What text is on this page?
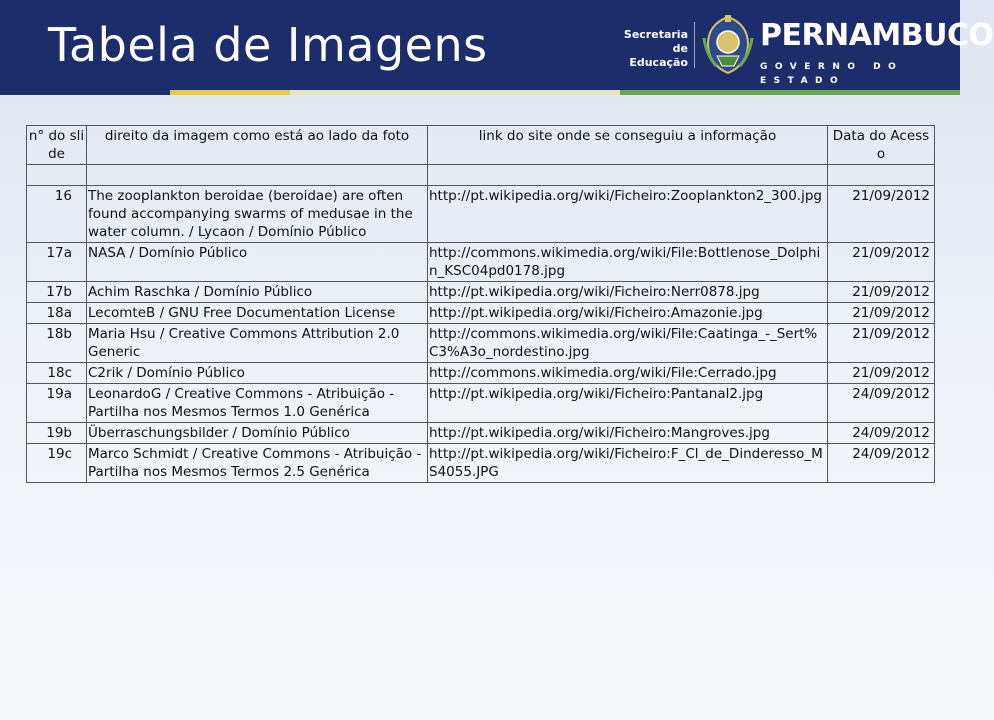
Tabela de Imagens	Secretaria de
Educação
PERNAMBUCO
GOVERNO DO ESTADO
n° do slide	direito da imagem como está ao lado da foto	link do site onde se conseguiu a informação	Data do Acesso

16	The zooplankton beroidae (beroidae) are often found accompanying swarms of medusae in the water column. / Lycaon / Domínio Público	http://pt.wikipedia.org/wiki/Ficheiro:Zooplankton2_300.jpg	21/09/2012
17a	NASA / Domínio Público	http://commons.wikimedia.org/wiki/File:Bottlenose_Dolphin_KSC04pd0178.jpg	21/09/2012
17b	Achim Raschka / Domínio Público	http://pt.wikipedia.org/wiki/Ficheiro:Nerr0878.jpg	21/09/2012
18a	LecomteB / GNU Free Documentation License	http://pt.wikipedia.org/wiki/Ficheiro:Amazonie.jpg	21/09/2012
18b	Maria Hsu / Creative Commons Attribution 2.0 Generic	http://commons.wikimedia.org/wiki/File:Caatinga_-_Sert%C3%A3o_nordestino.jpg	21/09/2012
18c	C2rik / Domínio Público	http://commons.wikimedia.org/wiki/File:Cerrado.jpg	21/09/2012
19a	LeonardoG / Creative Commons - Atribuição - Partilha nos Mesmos Termos 1.0 Genérica	http://pt.wikipedia.org/wiki/Ficheiro:Pantanal2.jpg	24/09/2012
19b	Überraschungsbilder / Domínio Público	http://pt.wikipedia.org/wiki/Ficheiro:Mangroves.jpg	24/09/2012
19c	Marco Schmidt / Creative Commons - Atribuição - Partilha nos Mesmos Termos 2.5 Genérica	http://pt.wikipedia.org/wiki/Ficheiro:F_Cl_de_Dinderesso_MS4055.JPG	24/09/2012
